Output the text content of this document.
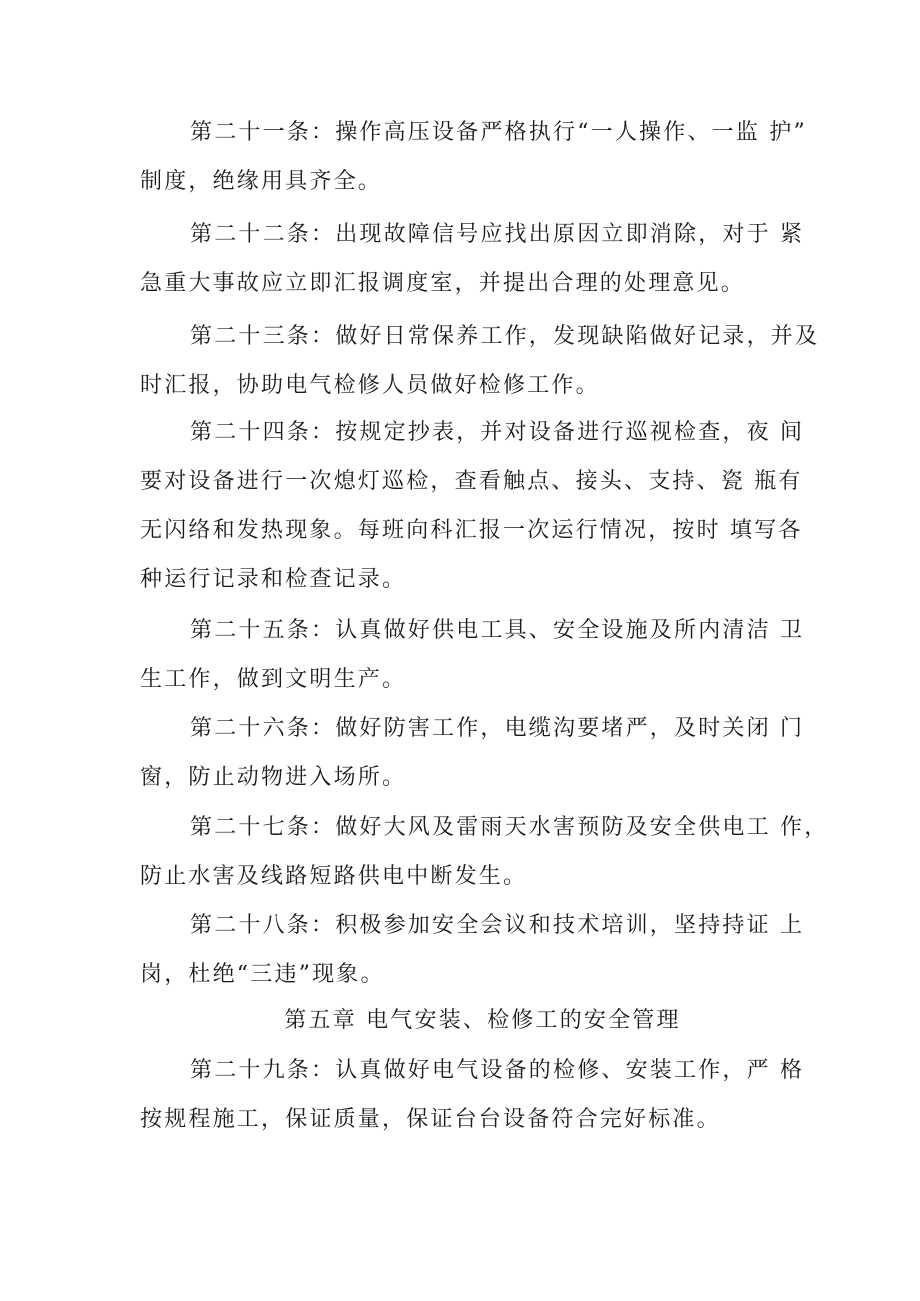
第二十一条：操作高压设备严格执行“一人操作、一监 护”
制度，绝缘用具齐全。
第二十二条：出现故障信号应找出原因立即消除，对于 紧
急重大事故应立即汇报调度室，并提出合理的处理意见。
第二十三条：做好日常保养工作，发现缺陷做好记录，并及
时汇报，协助电气检修人员做好检修工作。
第二十四条：按规定抄表，并对设备进行巡视检查，夜 间
要对设备进行一次熄灯巡检，查看触点、接头、支持、瓷 瓶有
无闪络和发热现象。每班向科汇报一次运行情况，按时 填写各
种运行记录和检查记录。
第二十五条：认真做好供电工具、安全设施及所内清洁 卫
生工作，做到文明生产。
第二十六条：做好防害工作，电缆沟要堵严，及时关闭 门
窗，防止动物进入场所。
第二十七条：做好大风及雷雨天水害预防及安全供电工 作，
防止水害及线路短路供电中断发生。
第二十八条：积极参加安全会议和技术培训，坚持持证 上
岗，杜绝“三违”现象。
第五章 电气安装、检修工的安全管理
第二十九条：认真做好电气设备的检修、安装工作，严 格
按规程施工，保证质量，保证台台设备符合完好标准。
